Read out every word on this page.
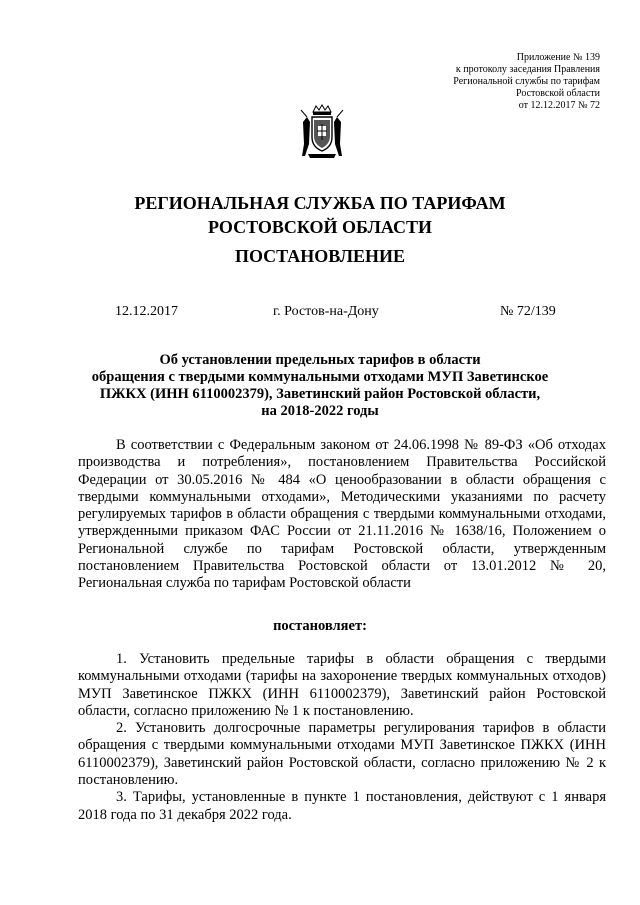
Приложение № 139
к протоколу заседания Правления
Региональной службы по тарифам
Ростовской области
от 12.12.2017 № 72
РЕГИОНАЛЬНАЯ СЛУЖБА ПО ТАРИФАМ
РОСТОВСКОЙ ОБЛАСТИ
ПОСТАНОВЛЕНИЕ
12.12.2017	г. Ростов-на-Дону	№ 72/139
Об установлении предельных тарифов в области
обращения с твердыми коммунальными отходами МУП Заветинское
ПЖКХ (ИНН 6110002379), Заветинский район Ростовской области,
на 2018-2022 годы

В соответствии с Федеральным законом от 24.06.1998 № 89-ФЗ «Об отходах производства и потребления», постановлением Правительства Российской Федерации от 30.05.2016 № 484 «О ценообразовании в области обращения с твердыми коммунальными отходами», Методическими указаниями по расчету регулируемых тарифов в области обращения с твердыми коммунальными отходами, утвержденными приказом ФАС России от 21.11.2016 № 1638/16, Положением о Региональной службе по тарифам Ростовской области, утвержденным постановлением Правительства Ростовской области от 13.01.2012 № 20, Региональная служба по тарифам Ростовской области

постановляет:

1. Установить предельные тарифы в области обращения с твердыми коммунальными отходами (тарифы на захоронение твердых коммунальных отходов) МУП Заветинское ПЖКХ (ИНН 6110002379), Заветинский район Ростовской области, согласно приложению № 1 к постановлению.

2. Установить долгосрочные параметры регулирования тарифов в области обращения с твердыми коммунальными отходами МУП Заветинское ПЖКХ (ИНН 6110002379), Заветинский район Ростовской области, согласно приложению № 2 к постановлению.

3. Тарифы, установленные в пункте 1 постановления, действуют с 1 января 2018 года по 31 декабря 2022 года.
